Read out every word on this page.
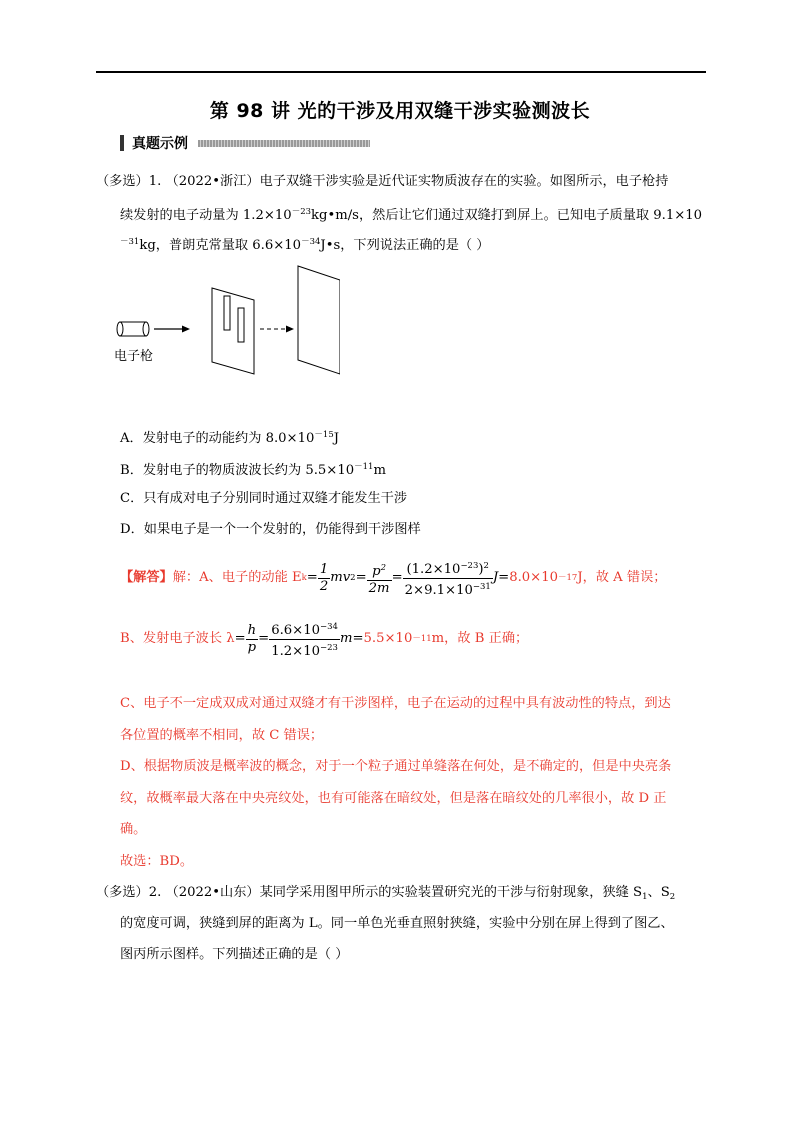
第 98 讲 光的干涉及用双缝干涉实验测波长
真题示例
（多选）1. （2022•浙江）电子双缝干涉实验是近代证实物质波存在的实验。如图所示，电子枪持
续发射的电子动量为 $1.2\times 10^{-23}kg•m/s$，然后让它们通过双缝打到屏上。已知电子质量取 9.1×10
$^{-31}$kg，普朗克常量取 $6.6\times 10^{-34}J•s$，下列说法正确的是（ ）
电子枪
A．发射电子的动能约为 $8.0\times 10^{-15}J$
B．发射电子的物质波波长约为 $5.5\times 10^{-11}m$
C．只有成对电子分别同时通过双缝才能发生干涉
D．如果电子是一个一个发射的，仍能得到干涉图样
【解答】 解：A、电子的动能 E $k = \frac{1}{2}$ mv $2 = \frac{p^2}{2m} = \frac{(1.2\times 10^{-23})^2}{2\times 9.1\times 10^{-31}}$ J = 8.0×10 －17 J，故 A 错误；
B、发射电子波长 $\lambda = \frac{h}{p} = \frac{6.6\times 10^{-34}}{1.2\times 10^{-23}}$ m = 5.5×10 －11 m，故 B 正确；
C、电子不一定成双成对通过双缝才有干涉图样，电子在运动的过程中具有波动性的特点，到达
各位置的概率不相同，故 C 错误；
D、根据物质波是概率波的概念，对于一个粒子通过单缝落在何处，是不确定的，但是中央亮条
纹，故概率最大落在中央亮纹处，也有可能落在暗纹处，但是落在暗纹处的几率很小，故 D 正
确。
故选：BD。
（多选）2. （2022•山东）某同学采用图甲所示的实验装置研究光的干涉与衍射现象，狭缝 $S_1$、$S_2$
的宽度可调，狭缝到屏的距离为 L。同一单色光垂直照射狭缝，实验中分别在屏上得到了图乙、
图丙所示图样。下列描述正确的是（ ）
